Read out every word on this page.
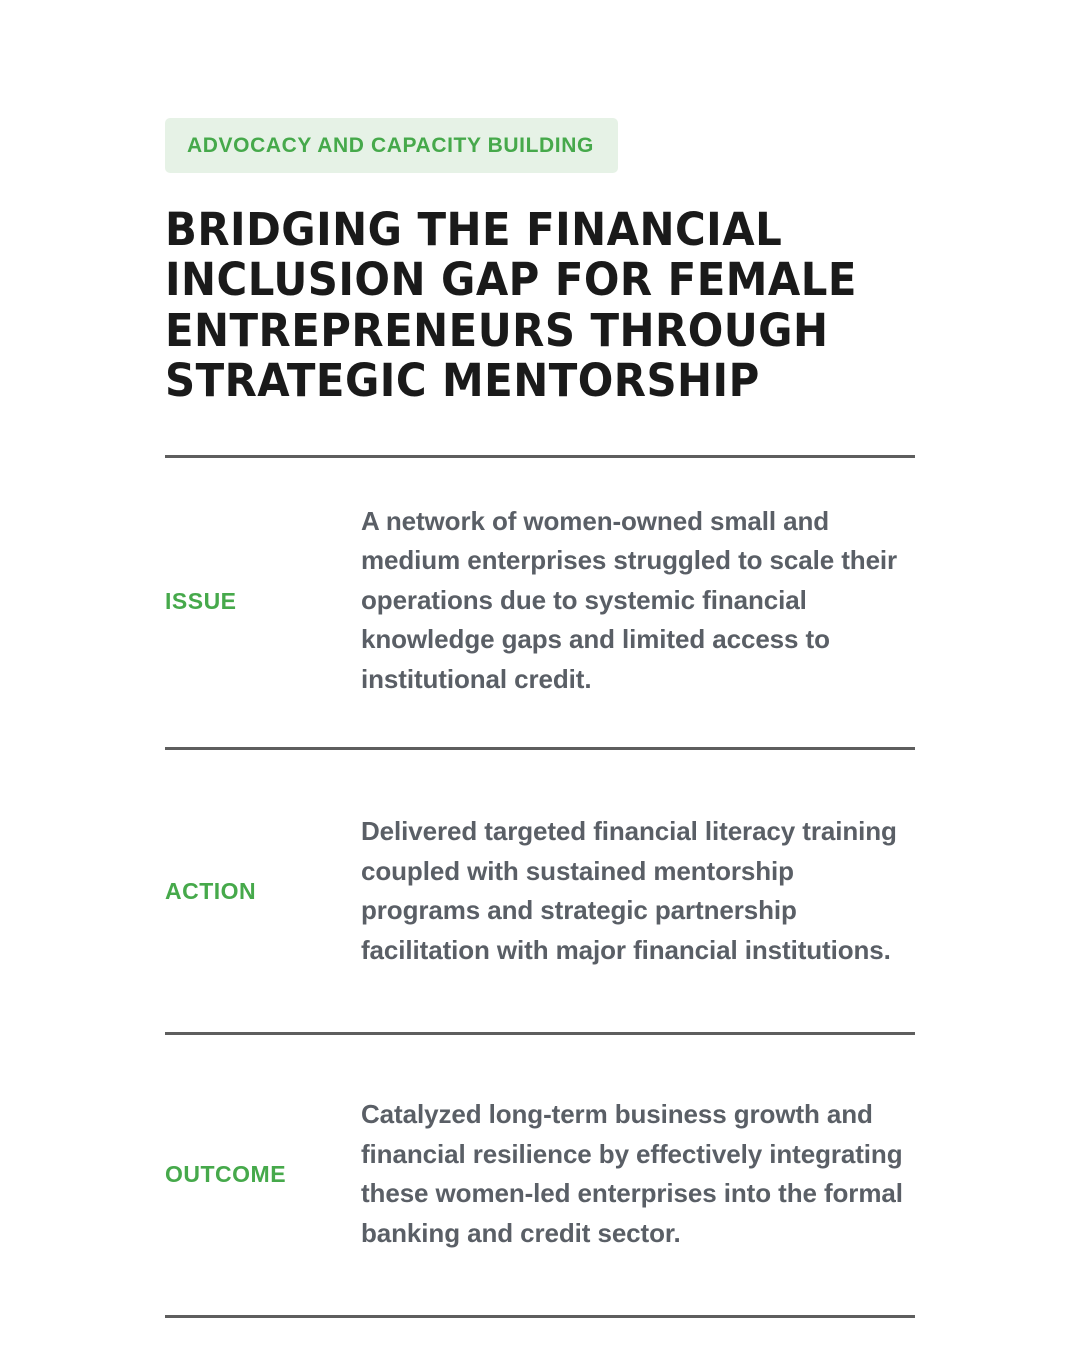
ADVOCACY AND CAPACITY BUILDING
BRIDGING THE FINANCIAL INCLUSION GAP FOR FEMALE ENTREPRENEURS THROUGH STRATEGIC MENTORSHIP
ISSUE
A network of women-owned small and medium enterprises struggled to scale their operations due to systemic financial knowledge gaps and limited access to institutional credit.
ACTION
Delivered targeted financial literacy training coupled with sustained mentorship programs and strategic partnership facilitation with major financial institutions.
OUTCOME
Catalyzed long-term business growth and financial resilience by effectively integrating these women-led enterprises into the formal banking and credit sector.
